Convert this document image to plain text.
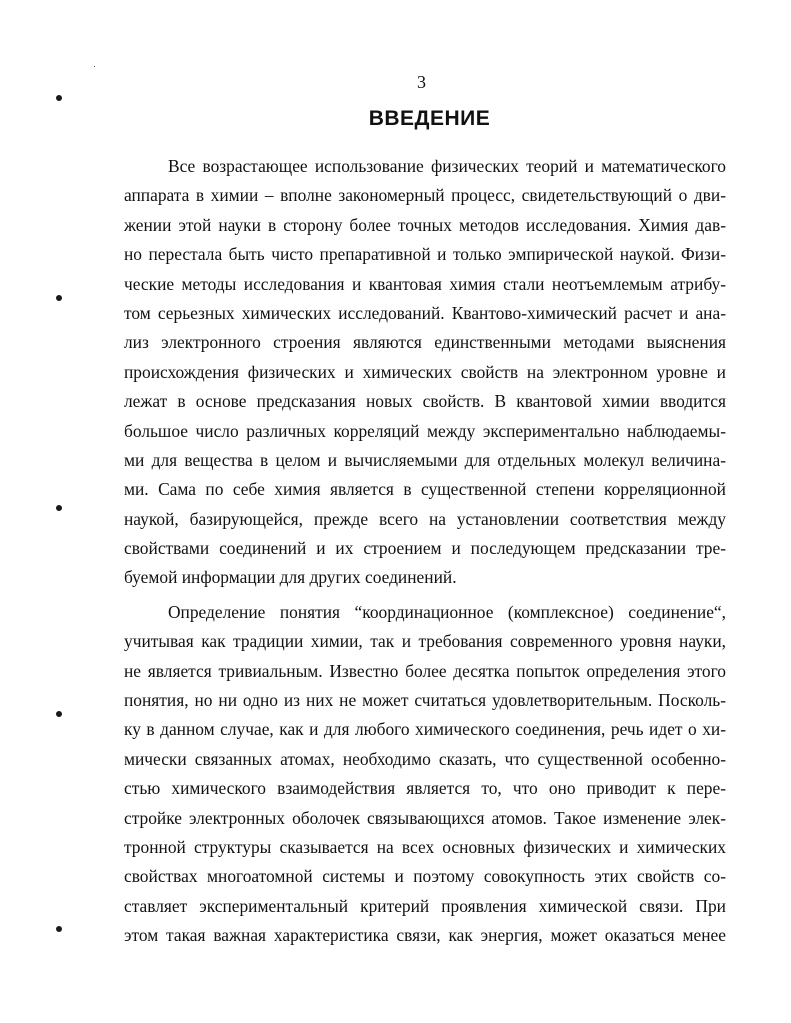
3
ВВЕДЕНИЕ
Все возрастающее использование физических теорий и математического
аппарата в химии – вполне закономерный процесс, свидетельствующий о дви-
жении этой науки в сторону более точных методов исследования. Химия дав-
но перестала быть чисто препаративной и только эмпирической наукой. Физи-
ческие методы исследования и квантовая химия стали неотъемлемым атрибу-
том серьезных химических исследований. Квантово-химический расчет и ана-
лиз электронного строения являются единственными методами выяснения
происхождения физических и химических свойств на электронном уровне и
лежат в основе предсказания новых свойств. В квантовой химии вводится
большое число различных корреляций между экспериментально наблюдаемы-
ми для вещества в целом и вычисляемыми для отдельных молекул величина-
ми. Сама по себе химия является в существенной степени корреляционной
наукой, базирующейся, прежде всего на установлении соответствия между
свойствами соединений и их строением и последующем предсказании тре-
буемой информации для других соединений.
Определение понятия “координационное (комплексное) соединение“,
учитывая как традиции химии, так и требования современного уровня науки,
не является тривиальным. Известно более десятка попыток определения этого
понятия, но ни одно из них не может считаться удовлетворительным. Посколь-
ку в данном случае, как и для любого химического соединения, речь идет о хи-
мически связанных атомах, необходимо сказать, что существенной особенно-
стью химического взаимодействия является то, что оно приводит к пере-
стройке электронных оболочек связывающихся атомов. Такое изменение элек-
тронной структуры сказывается на всех основных физических и химических
свойствах многоатомной системы и поэтому совокупность этих свойств со-
ставляет экспериментальный критерий проявления химической связи. При
этом такая важная характеристика связи, как энергия, может оказаться менее
